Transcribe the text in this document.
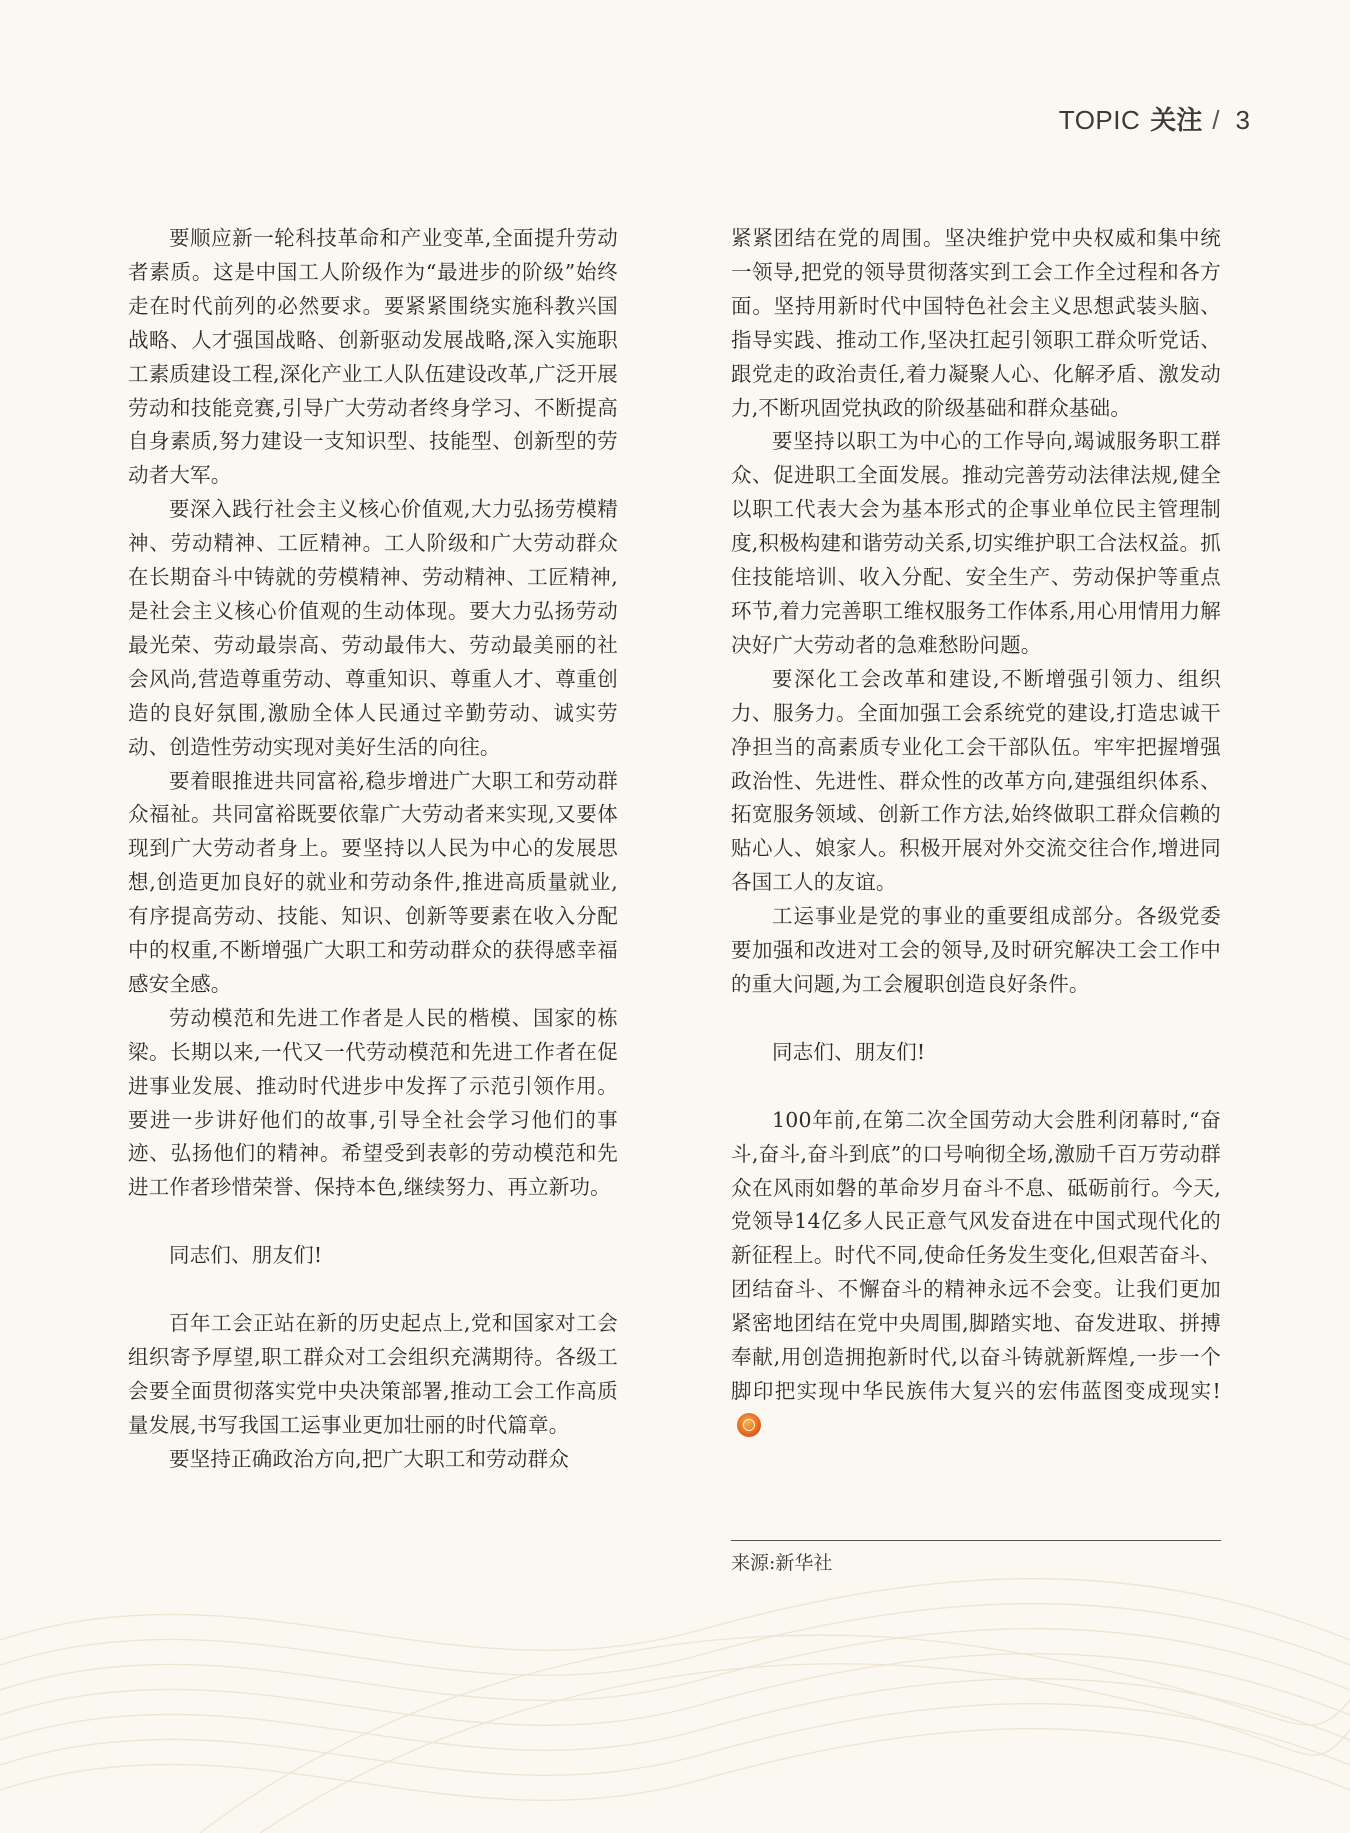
TOPIC 关注 / 3

要顺应新一轮科技革命和产业变革,全面提升劳动者素质。这是中国工人阶级作为“最进步的阶级”始终走在时代前列的必然要求。要紧紧围绕实施科教兴国战略、人才强国战略、创新驱动发展战略,深入实施职工素质建设工程,深化产业工人队伍建设改革,广泛开展劳动和技能竞赛,引导广大劳动者终身学习、不断提高自身素质,努力建设一支知识型、技能型、创新型的劳动者大军。

要深入践行社会主义核心价值观,大力弘扬劳模精神、劳动精神、工匠精神。工人阶级和广大劳动群众在长期奋斗中铸就的劳模精神、劳动精神、工匠精神,是社会主义核心价值观的生动体现。要大力弘扬劳动最光荣、劳动最崇高、劳动最伟大、劳动最美丽的社会风尚,营造尊重劳动、尊重知识、尊重人才、尊重创造的良好氛围,激励全体人民通过辛勤劳动、诚实劳动、创造性劳动实现对美好生活的向往。

要着眼推进共同富裕,稳步增进广大职工和劳动群众福祉。共同富裕既要依靠广大劳动者来实现,又要体现到广大劳动者身上。要坚持以人民为中心的发展思想,创造更加良好的就业和劳动条件,推进高质量就业,有序提高劳动、技能、知识、创新等要素在收入分配中的权重,不断增强广大职工和劳动群众的获得感幸福感安全感。

劳动模范和先进工作者是人民的楷模、国家的栋梁。长期以来,一代又一代劳动模范和先进工作者在促进事业发展、推动时代进步中发挥了示范引领作用。要进一步讲好他们的故事,引导全社会学习他们的事迹、弘扬他们的精神。希望受到表彰的劳动模范和先进工作者珍惜荣誉、保持本色,继续努力、再立新功。

同志们、朋友们!

百年工会正站在新的历史起点上,党和国家对工会组织寄予厚望,职工群众对工会组织充满期待。各级工会要全面贯彻落实党中央决策部署,推动工会工作高质量发展,书写我国工运事业更加壮丽的时代篇章。

要坚持正确政治方向,把广大职工和劳动群众

紧紧团结在党的周围。坚决维护党中央权威和集中统一领导,把党的领导贯彻落实到工会工作全过程和各方面。坚持用新时代中国特色社会主义思想武装头脑、指导实践、推动工作,坚决扛起引领职工群众听党话、跟党走的政治责任,着力凝聚人心、化解矛盾、激发动力,不断巩固党执政的阶级基础和群众基础。

要坚持以职工为中心的工作导向,竭诚服务职工群众、促进职工全面发展。推动完善劳动法律法规,健全以职工代表大会为基本形式的企事业单位民主管理制度,积极构建和谐劳动关系,切实维护职工合法权益。抓住技能培训、收入分配、安全生产、劳动保护等重点环节,着力完善职工维权服务工作体系,用心用情用力解决好广大劳动者的急难愁盼问题。

要深化工会改革和建设,不断增强引领力、组织力、服务力。全面加强工会系统党的建设,打造忠诚干净担当的高素质专业化工会干部队伍。牢牢把握增强政治性、先进性、群众性的改革方向,建强组织体系、拓宽服务领域、创新工作方法,始终做职工群众信赖的贴心人、娘家人。积极开展对外交流交往合作,增进同各国工人的友谊。

工运事业是党的事业的重要组成部分。各级党委要加强和改进对工会的领导,及时研究解决工会工作中的重大问题,为工会履职创造良好条件。

同志们、朋友们!

100年前,在第二次全国劳动大会胜利闭幕时,“奋斗,奋斗,奋斗到底”的口号响彻全场,激励千百万劳动群众在风雨如磐的革命岁月奋斗不息、砥砺前行。今天,党领导14亿多人民正意气风发奋进在中国式现代化的新征程上。时代不同,使命任务发生变化,但艰苦奋斗、团结奋斗、不懈奋斗的精神永远不会变。让我们更加紧密地团结在党中央周围,脚踏实地、奋发进取、拼搏奉献,用创造拥抱新时代,以奋斗铸就新辉煌,一步一个脚印把实现中华民族伟大复兴的宏伟蓝图变成现实!

来源:新华社
